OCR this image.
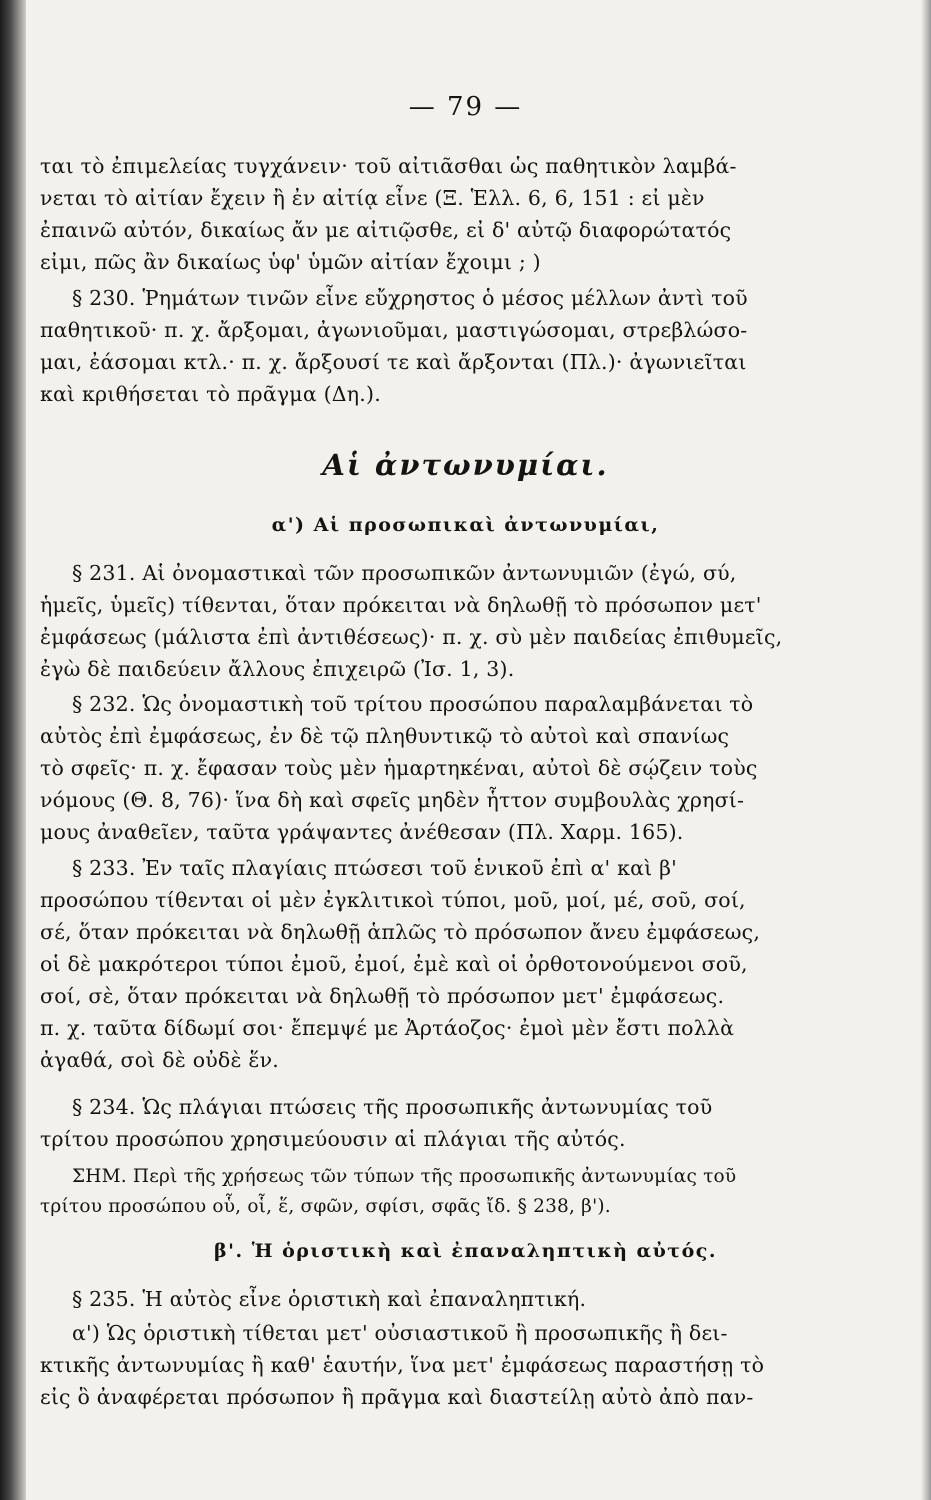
— 79 —
ται τὸ ἐπιμελείας τυγχάνειν· τοῦ αἰτιᾶσθαι ὡς παθητικὸν λαμβά-
νεται τὸ αἰτίαν ἔχειν ἢ ἐν αἰτίᾳ εἶνε (Ξ. Ἑλλ. 6, 6, 151 : εἰ μὲν
ἐπαινῶ αὐτόν, δικαίως ἄν με αἰτιῷσθε, εἰ δ' αὐτῷ διαφορώτατός
εἰμι, πῶς ἂν δικαίως ὑφ' ὑμῶν αἰτίαν ἔχοιμι ; )
§ 230. Ῥημάτων τινῶν εἶνε εὔχρηστος ὁ μέσος μέλλων ἀντὶ τοῦ
παθητικοῦ· π. χ. ἄρξομαι, ἀγωνιοῦμαι, μαστιγώσομαι, στρεβλώσο-
μαι, ἐάσομαι κτλ.· π. χ. ἄρξουσί τε καὶ ἄρξονται (Πλ.)· ἀγωνιεῖται
καὶ κριθήσεται τὸ πρᾶγμα (Δη.).
Αἱ ἀντωνυμίαι.
α') Αἱ προσωπικαὶ ἀντωνυμίαι,
§ 231. Αἱ ὀνομαστικαὶ τῶν προσωπικῶν ἀντωνυμιῶν (ἐγώ, σύ,
ἡμεῖς, ὑμεῖς) τίθενται, ὅταν πρόκειται νὰ δηλωθῇ τὸ πρόσωπον μετ'
ἐμφάσεως (μάλιστα ἐπὶ ἀντιθέσεως)· π. χ. σὺ μὲν παιδείας ἐπιθυμεῖς,
ἐγὼ δὲ παιδεύειν ἄλλους ἐπιχειρῶ (Ἰσ. 1, 3).
§ 232. Ὡς ὀνομαστικὴ τοῦ τρίτου προσώπου παραλαμβάνεται τὸ
αὐτὸς ἐπὶ ἐμφάσεως, ἐν δὲ τῷ πληθυντικῷ τὸ αὐτοὶ καὶ σπανίως
τὸ σφεῖς· π. χ. ἔφασαν τοὺς μὲν ἡμαρτηκέναι, αὐτοὶ δὲ σῴζειν τοὺς
νόμους (Θ. 8, 76)· ἵνα δὴ καὶ σφεῖς μηδὲν ἧττον συμβουλὰς χρησί-
μους ἀναθεῖεν, ταῦτα γράψαντες ἀνέθεσαν (Πλ. Χαρμ. 165).
§ 233. Ἐν ταῖς πλαγίαις πτώσεσι τοῦ ἑνικοῦ ἐπὶ α' καὶ β'
προσώπου τίθενται οἱ μὲν ἐγκλιτικοὶ τύποι, μοῦ, μοί, μέ, σοῦ, σοί,
σέ, ὅταν πρόκειται νὰ δηλωθῇ ἁπλῶς τὸ πρόσωπον ἄνευ ἐμφάσεως,
οἱ δὲ μακρότεροι τύποι ἐμοῦ, ἐμοί, ἐμὲ καὶ οἱ ὀρθοτονούμενοι σοῦ,
σοί, σὲ, ὅταν πρόκειται νὰ δηλωθῇ τὸ πρόσωπον μετ' ἐμφάσεως.
π. χ. ταῦτα δίδωμί σοι· ἔπεμψέ με Ἀρτάοζος· ἐμοὶ μὲν ἔστι πολλὰ
ἀγαθά, σοὶ δὲ οὐδὲ ἕν.
§ 234. Ὡς πλάγιαι πτώσεις τῆς προσωπικῆς ἀντωνυμίας τοῦ
τρίτου προσώπου χρησιμεύουσιν αἱ πλάγιαι τῆς αὐτός.
ΣΗΜ. Περὶ τῆς χρήσεως τῶν τύπων τῆς προσωπικῆς ἀντωνυμίας τοῦ
τρίτου προσώπου οὗ, οἷ, ἕ, σφῶν, σφίσι, σφᾶς ἴδ. § 238, β').
β'. Ἡ ὁριστικὴ καὶ ἐπαναληπτικὴ αὐτός.
§ 235. Ἡ αὐτὸς εἶνε ὁριστικὴ καὶ ἐπαναληπτική.
α') Ὡς ὁριστικὴ τίθεται μετ' οὐσιαστικοῦ ἢ προσωπικῆς ἢ δει-
κτικῆς ἀντωνυμίας ἢ καθ' ἑαυτήν, ἵνα μετ' ἐμφάσεως παραστήσῃ τὸ
εἰς ὃ ἀναφέρεται πρόσωπον ἢ πρᾶγμα καὶ διαστείλῃ αὐτὸ ἀπὸ παν-
